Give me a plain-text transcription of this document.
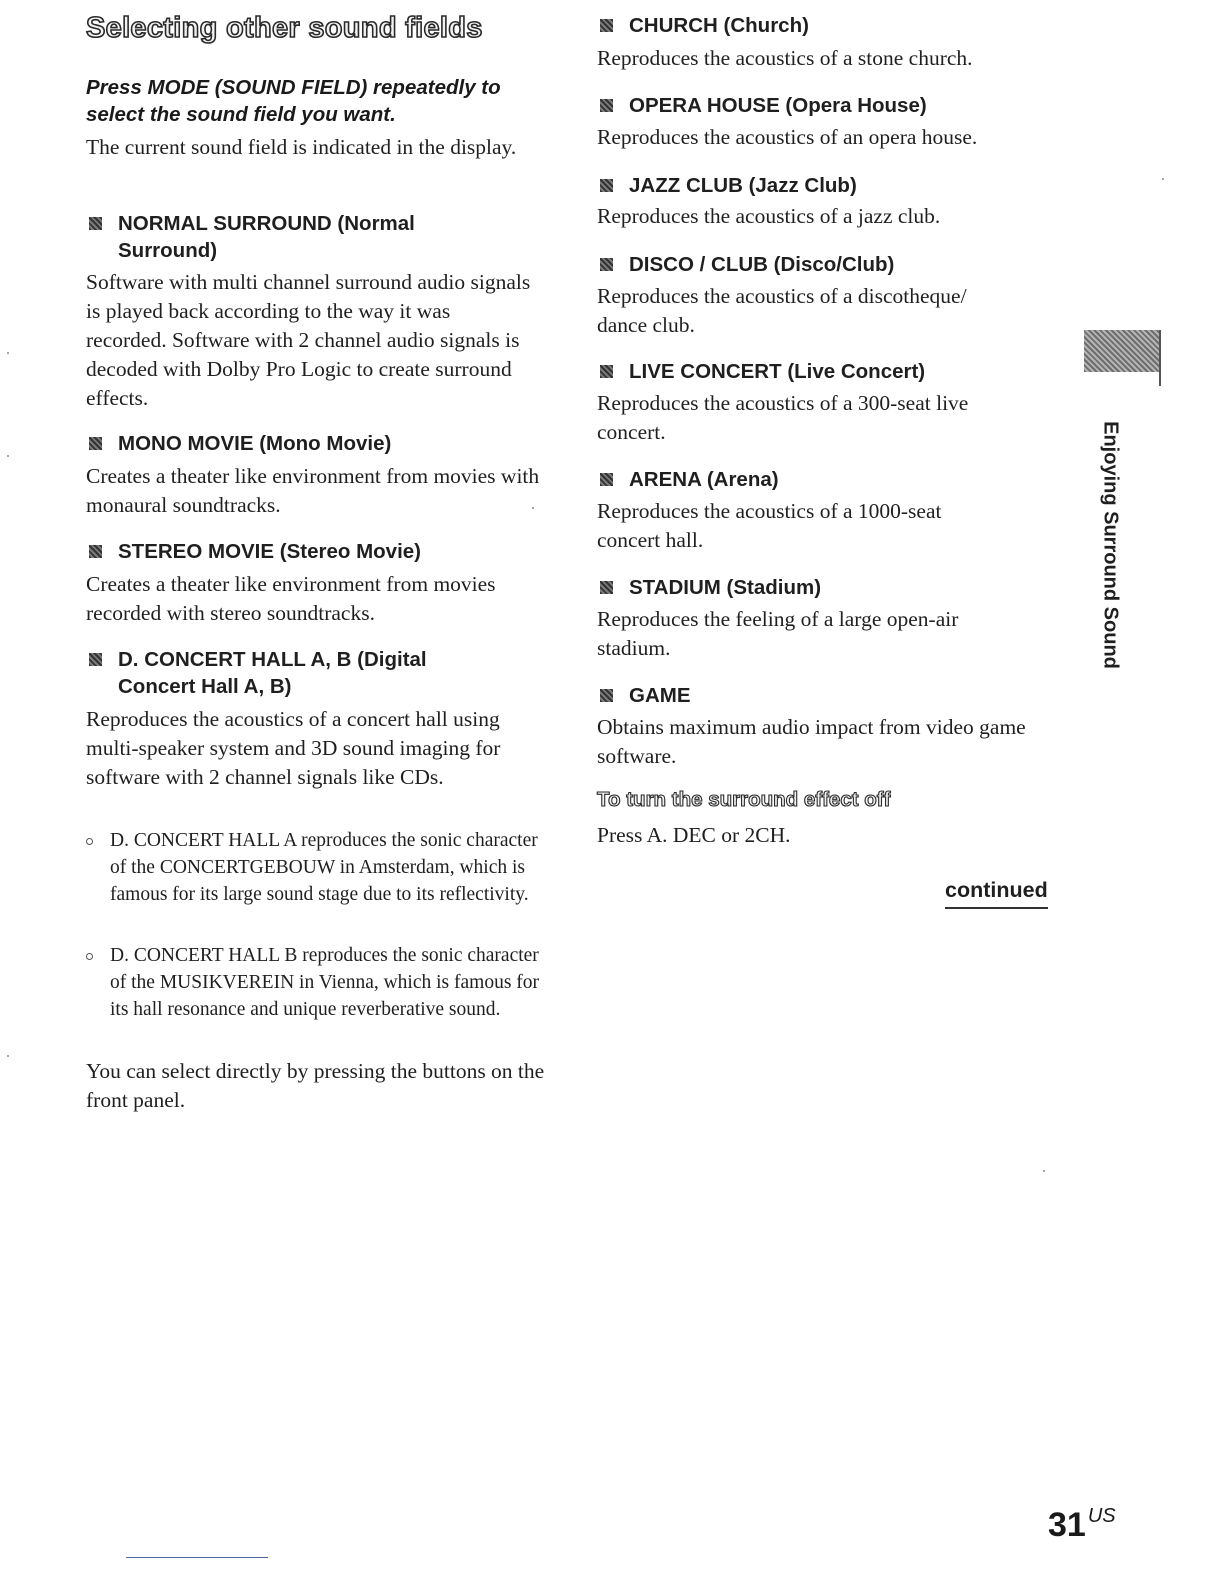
Selecting other sound fields

Press MODE (SOUND FIELD) repeatedly to select the sound field you want.

The current sound field is indicated in the display.

NORMAL SURROUND (Normal
Surround)

Software with multi channel surround audio signals is played back according to the way it was recorded. Software with 2 channel audio signals is decoded with Dolby Pro Logic to create surround effects.

MONO MOVIE (Mono Movie)

Creates a theater like environment from movies with monaural soundtracks.

STEREO MOVIE (Stereo Movie)

Creates a theater like environment from movies recorded with stereo soundtracks.

D. CONCERT HALL A, B (Digital
Concert Hall A, B)

Reproduces the acoustics of a concert hall using multi-speaker system and 3D sound imaging for software with 2 channel signals like CDs.

D. CONCERT HALL A reproduces the sonic character of the CONCERTGEBOUW in Amsterdam, which is famous for its large sound stage due to its reflectivity.
D. CONCERT HALL B reproduces the sonic character of the MUSIKVEREIN in Vienna, which is famous for its hall resonance and unique reverberative sound.

You can select directly by pressing the buttons on the front panel.

CHURCH (Church)

Reproduces the acoustics of a stone church.

OPERA HOUSE (Opera House)

Reproduces the acoustics of an opera house.

JAZZ CLUB (Jazz Club)

Reproduces the acoustics of a jazz club.

DISCO / CLUB (Disco/Club)

Reproduces the acoustics of a discotheque/ dance club.

LIVE CONCERT (Live Concert)

Reproduces the acoustics of a 300-seat live concert.

ARENA (Arena)

Reproduces the acoustics of a 1000-seat concert hall.

STADIUM (Stadium)

Reproduces the feeling of a large open-air stadium.

GAME

Obtains maximum audio impact from video game software.

To turn the surround effect off

Press A. DEC or 2CH.

continued

Enjoying Surround Sound
31 $^{US}$
